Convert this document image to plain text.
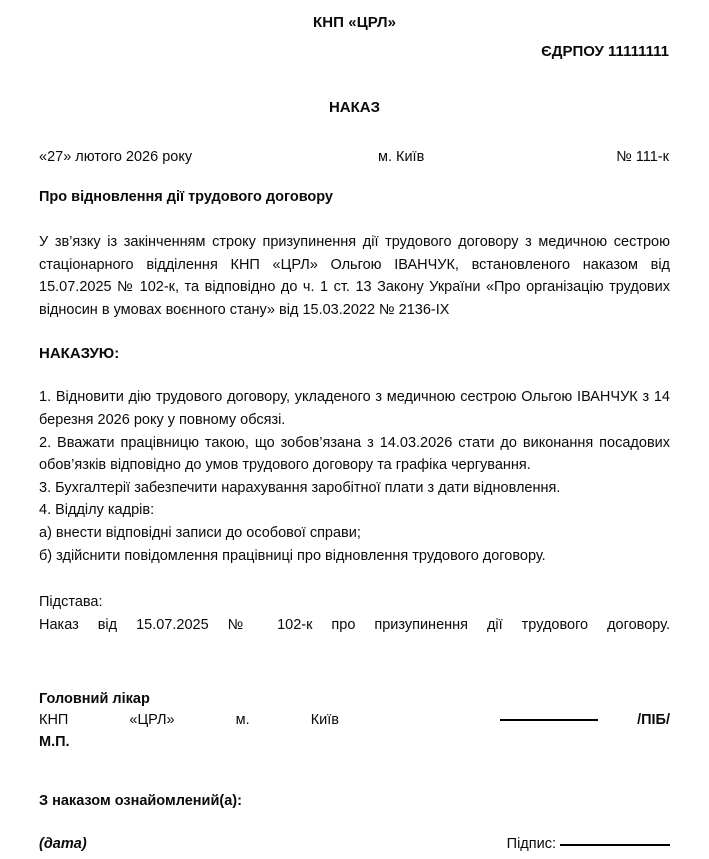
КНП «ЦРЛ»
ЄДРПОУ 11111111
НАКАЗ
«27» лютого 2026 року	м. Київ	№ 111-к
Про відновлення дії трудового договору
У зв’язку із закінченням строку призупинення дії трудового договору з медичною сестрою стаціонарного відділення КНП «ЦРЛ» Ольгою ІВАНЧУК, встановленого наказом від 15.07.2025 № 102-к, та відповідно до ч. 1 ст. 13 Закону України «Про організацію трудових відносин в умовах воєнного стану» від 15.03.2022 № 2136-IX
НАКАЗУЮ:
1. Відновити дію трудового договору, укладеного з медичною сестрою Ольгою ІВАНЧУК з 14 березня 2026 року у повному обсязі.
2. Вважати працівницю такою, що зобов’язана з 14.03.2026 стати до виконання посадових обов’язків відповідно до умов трудового договору та графіка чергування.
3. Бухгалтерії забезпечити нарахування заробітної плати з дати відновлення.
4. Відділу кадрів:
а) внести відповідні записи до особової справи;
б) здійснити повідомлення працівниці про відновлення трудового договору.
Підстава:
Наказ від 15.07.2025 № 102-к про призупинення дії трудового договору.
Головний лікар
КНП	«ЦРЛ»	м.	Київ	/ПІБ/
М.П.
З наказом ознайомлений(а):
(дата)	Підпис:
